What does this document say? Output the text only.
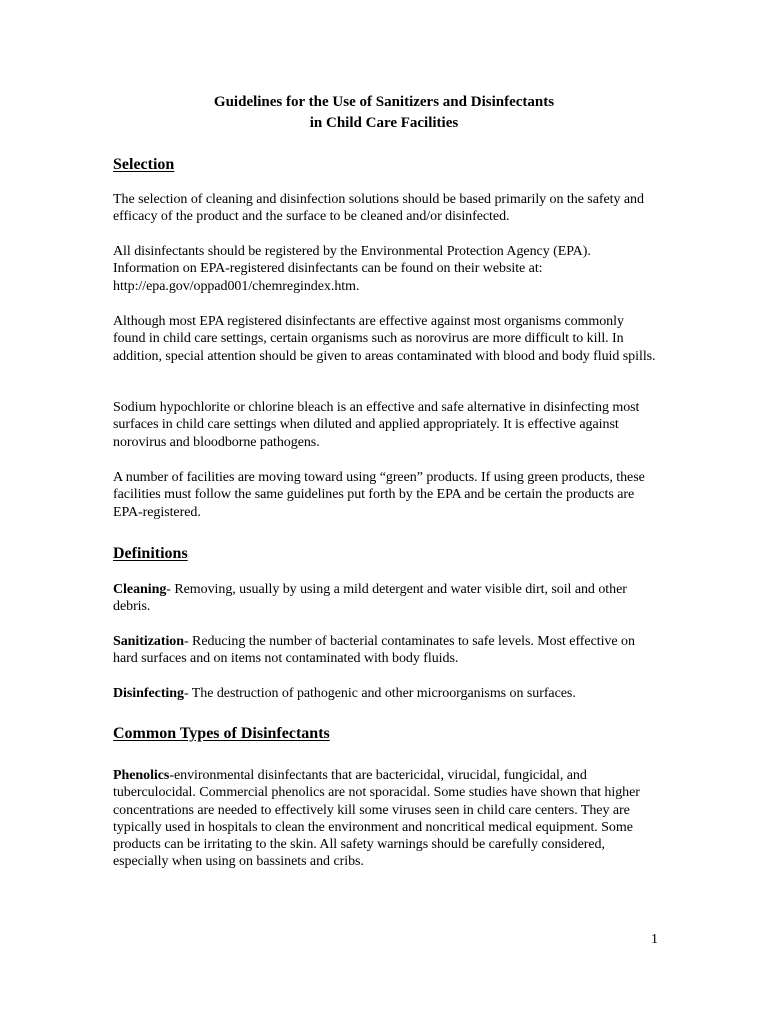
Guidelines for the Use of Sanitizers and Disinfectants

in Child Care Facilities

Selection

The selection of cleaning and disinfection solutions should be based primarily on the safety and efficacy of the product and the surface to be cleaned and/or disinfected.

All disinfectants should be registered by the Environmental Protection Agency (EPA). Information on EPA-registered disinfectants can be found on their website at: http://epa.gov/oppad001/chemregindex.htm.

Although most EPA registered disinfectants are effective against most organisms commonly found in child care settings, certain organisms such as norovirus are more difficult to kill. In addition, special attention should be given to areas contaminated with blood and body fluid spills.

Sodium hypochlorite or chlorine bleach is an effective and safe alternative in disinfecting most surfaces in child care settings when diluted and applied appropriately. It is effective against norovirus and bloodborne pathogens.

A number of facilities are moving toward using “green” products. If using green products, these facilities must follow the same guidelines put forth by the EPA and be certain the products are EPA-registered.

Definitions

Cleaning- Removing, usually by using a mild detergent and water visible dirt, soil and other debris.

Sanitization- Reducing the number of bacterial contaminates to safe levels. Most effective on hard surfaces and on items not contaminated with body fluids.

Disinfecting- The destruction of pathogenic and other microorganisms on surfaces.

Common Types of Disinfectants

Phenolics-environmental disinfectants that are bactericidal, virucidal, fungicidal, and tuberculocidal. Commercial phenolics are not sporacidal. Some studies have shown that higher concentrations are needed to effectively kill some viruses seen in child care centers. They are typically used in hospitals to clean the environment and noncritical medical equipment. Some products can be irritating to the skin. All safety warnings should be carefully considered, especially when using on bassinets and cribs.

1
